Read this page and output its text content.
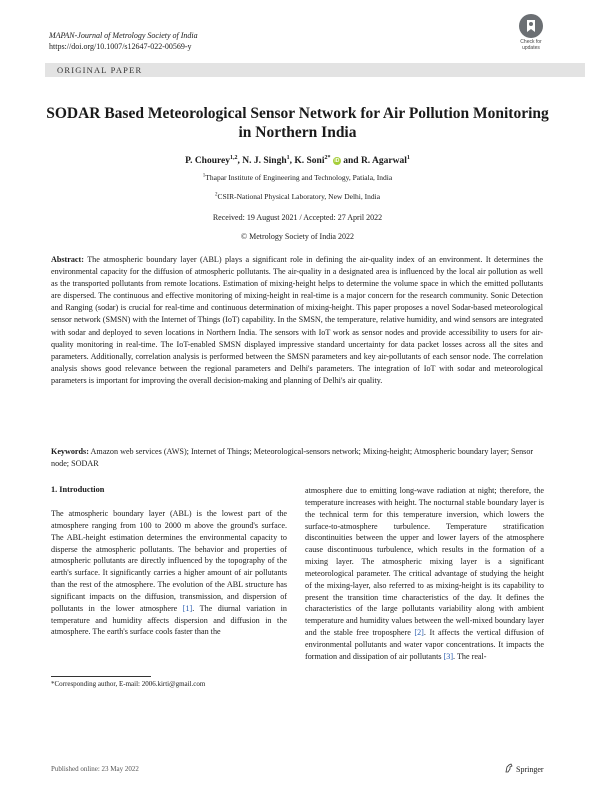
MAPAN-Journal of Metrology Society of India
https://doi.org/10.1007/s12647-022-00569-y	Check for updates
ORIGINAL PAPER
SODAR Based Meteorological Sensor Network for Air Pollution Monitoring in Northern India
P. Chourey$^{1,2}$, N. J. Singh$^1$, K. Soni$^{2*}$ iD and R. Agarwal$^1$
$^1$Thapar Institute of Engineering and Technology, Patiala, India
$^2$CSIR-National Physical Laboratory, New Delhi, India
Received: 19 August 2021 / Accepted: 27 April 2022
© Metrology Society of India 2022
Abstract: The atmospheric boundary layer (ABL) plays a significant role in defining the air-quality index of an environment. It determines the environmental capacity for the diffusion of atmospheric pollutants. The air-quality in a designated area is influenced by the local air pollution as well as the transported pollutants from remote locations. Estimation of mixing-height helps to determine the volume space in which the emitted pollutants are dispersed. The continuous and effective monitoring of mixing-height in real-time is a major concern for the research community. Sonic Detection and Ranging (sodar) is crucial for real-time and continuous determination of mixing-height. This paper proposes a novel Sodar-based meteorological sensor network (SMSN) with the Internet of Things (IoT) capability. In the SMSN, the temperature, relative humidity, and wind sensors are integrated with sodar and deployed to seven locations in Northern India. The sensors with IoT work as sensor nodes and provide accessibility to users for air-quality monitoring in real-time. The IoT-enabled SMSN displayed impressive standard uncertainty for data packet losses across all the sites and parameters. Additionally, correlation analysis is performed between the SMSN parameters and key air-pollutants of each sensor node. The correlation analysis shows good relevance between the regional parameters and Delhi's parameters. The integration of IoT with sodar and meteorological parameters is important for improving the overall decision-making and planning of Delhi's air quality.
Keywords: Amazon web services (AWS); Internet of Things; Meteorological-sensors network; Mixing-height; Atmospheric boundary layer; Sensor node; SODAR
1. Introduction
The atmospheric boundary layer (ABL) is the lowest part of the atmosphere ranging from 100 to 2000 m above the ground's surface. The ABL-height estimation determines the environmental capacity to disperse the atmospheric pollutants. The behavior and properties of atmospheric pollutants are directly influenced by the topography of the earth's surface. It significantly carries a higher amount of air pollutants than the rest of the atmosphere. The evolution of the ABL structure has significant impacts on the diffusion, transmission, and dispersion of pollutants in the lower atmosphere [1]. The diurnal variation in temperature and humidity affects dispersion and diffusion in the atmosphere. The earth's surface cools faster than the
atmosphere due to emitting long-wave radiation at night; therefore, the temperature increases with height. The nocturnal stable boundary layer is the technical term for this temperature inversion, which lowers the surface-to-atmosphere turbulence. Temperature stratification discontinuities between the upper and lower layers of the atmosphere cause discontinuous turbulence, which results in the formation of a mixing layer. The atmospheric mixing layer is a significant meteorological parameter. The critical advantage of studying the height of the mixing-layer, also referred to as mixing-height is its capability to present the transition time characteristics of the day. It defines the characteristics of the large pollutants variability along with ambient temperature and humidity values between the well-mixed boundary layer and the stable free troposphere [2]. It affects the vertical diffusion of environmental pollutants and water vapor concentrations. It impacts the formation and dissipation of air pollutants [3]. The real-
*Corresponding author, E-mail: 2006.kirti@gmail.com
Published online: 23 May 2022	Springer
